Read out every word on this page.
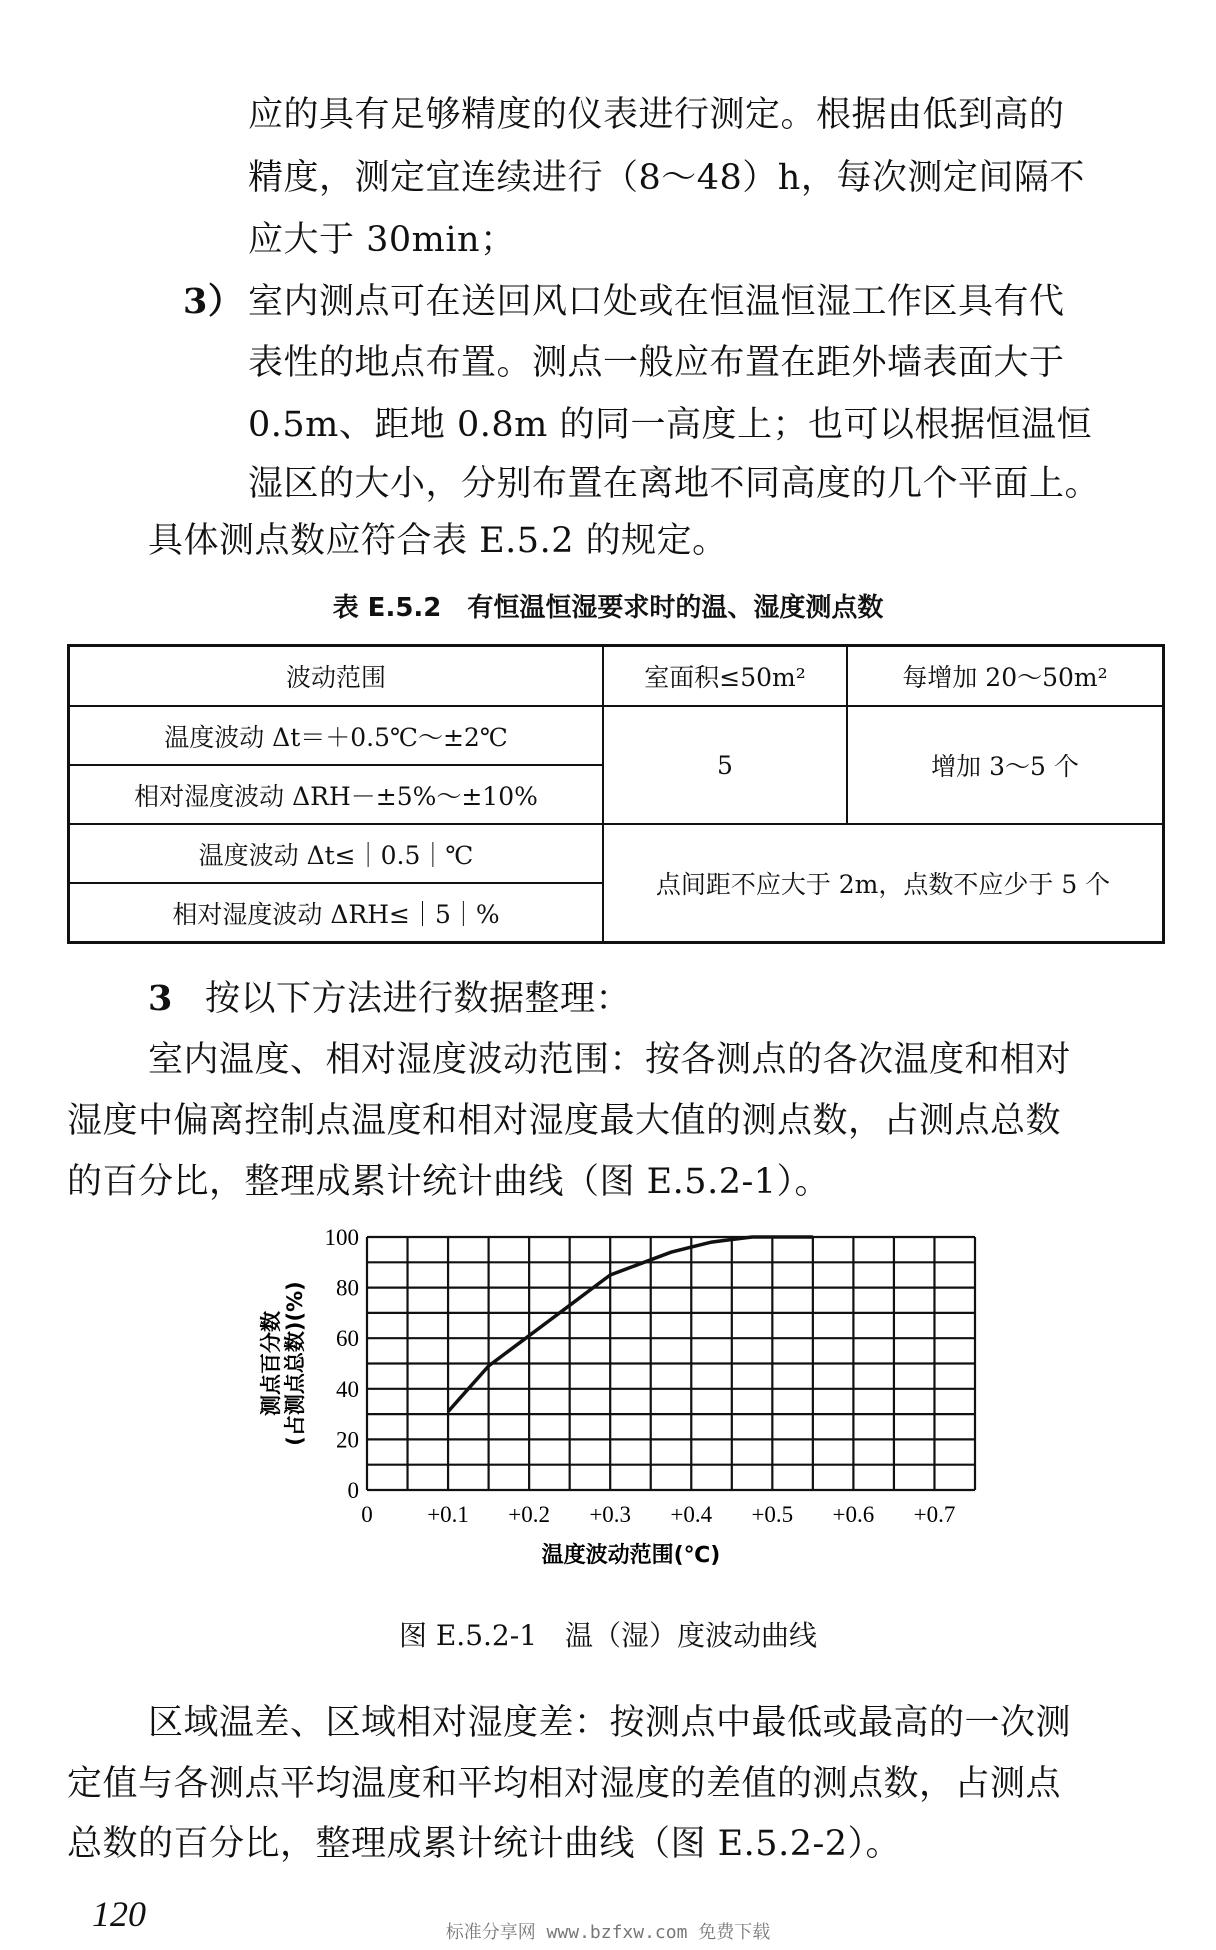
应的具有足够精度的仪表进行测定。根据由低到高的
精度，测定宜连续进行（8～48）h，每次测定间隔不
应大于 30min；
3） 室内测点可在送回风口处或在恒温恒湿工作区具有代
表性的地点布置。测点一般应布置在距外墙表面大于
0.5m、距地 0.8m 的同一高度上；也可以根据恒温恒
湿区的大小，分别布置在离地不同高度的几个平面上。
具体测点数应符合表 E.5.2 的规定。
表 E.5.2　有恒温恒湿要求时的温、湿度测点数
波动范围	室面积≤50m²	每增加 20～50m²
温度波动 Δt＝＋0.5℃～±2℃	5	增加 3～5 个
相对湿度波动 ΔRH－±5%～±10%		
温度波动 Δt≤｜0.5｜℃	点间距不应大于 2m，点数不应少于 5 个	
相对湿度波动 ΔRH≤｜5｜%		
3 按以下方法进行数据整理：
室内温度、相对湿度波动范围：按各测点的各次温度和相对
湿度中偏离控制点温度和相对湿度最大值的测点数，占测点总数
的百分比，整理成累计统计曲线（图 E.5.2-1）。
0
20
40
60
80
100
0 +0.1 +0.2 +0.3 +0.4 +0.5 +0.6 +0.7
测点百分数 (占测点总数)(%)
温度波动范围(℃)
图 E.5.2-1　温（湿）度波动曲线
区域温差、区域相对湿度差：按测点中最低或最高的一次测
定值与各测点平均温度和平均相对湿度的差值的测点数，占测点
总数的百分比，整理成累计统计曲线（图 E.5.2-2）。
120	标准分享网 www.bzfxw.com 免费下载
